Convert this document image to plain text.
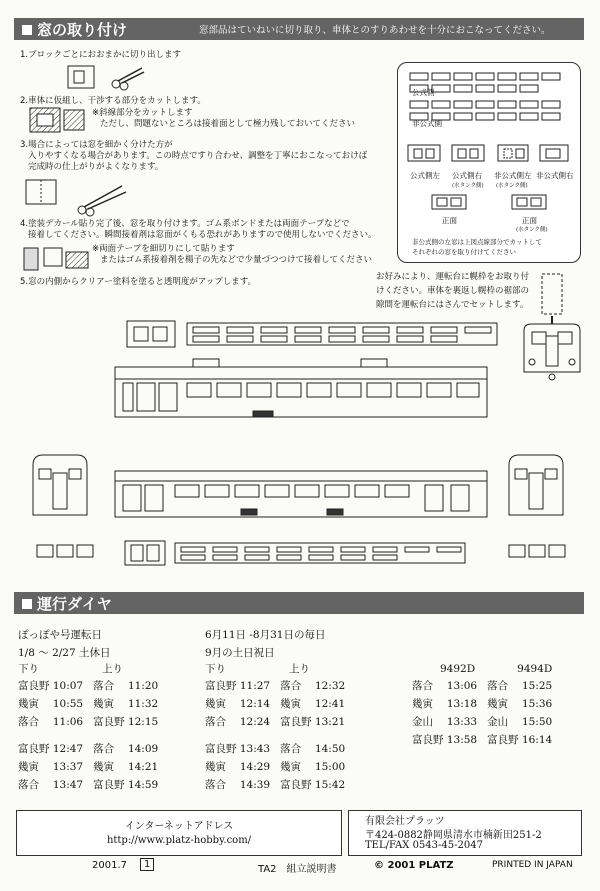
窓の取り付け	窓部品はていねいに切り取り、車体とのすりあわせを十分におこなってください。
1.ブロックごとにおおまかに切り出します
2.車体に仮組し、干渉する部分をカットします。
※斜線部分をカットします
ただし、問題ないところは接着面として極力残しておいてください
3.場合によっては窓を細かく分けた方が
入りやすくなる場合があります。この時点ですり合わせ、調整を丁寧におこなっておけば
完成時の仕上がりがよくなります。
4.塗装デカール貼り完了後、窓を取り付けます。ゴム系ボンドまたは両面テープなどで
接着してください。瞬間接着剤は窓面がくもる恐れがありますので使用しないでください。
※両面テープを細切りにして貼ります
またはゴム系接着剤を楊子の先などで少量づつつけて接着してください
5.窓の内側からクリアー塗料を塗ると透明度がアップします。
公式側
非公式側
公式側左 公式側右
(水タンク側)
非公式側左
(水タンク側)
非公式側右
正面	正面
(水タンク側)
非公式側の左窓は上図点線部分でカットして
それぞれの窓を取り付けてください
お好みにより、運転台に幌枠をお取り付
けください。車体を裏返し幌枠の裾部の
隙間を運転台にはさんでセットします。
運行ダイヤ
ぽっぽや号運転日
1/8 ～ 2/27 土休日
下り　　　　　　上り
富良野 10:07   落合　 11:20
幾寅　 10:55   幾寅　 11:32
落合　 11:06   富良野 12:15
富良野 12:47   落合　 14:09
幾寅　 13:37   幾寅　 14:21
落合　 13:47   富良野 14:59
6月11日 -8月31日の毎日
9月の土日祝日
下り　　　　　　上り
富良野 11:27   落合　 12:32
幾寅　 12:14   幾寅　 12:41
落合　 12:24   富良野 13:21
富良野 13:43   落合　 14:50
幾寅　 14:29   幾寅　 15:00
落合　 14:39   富良野 15:42
9492D　　　　9494D
落合　 13:06   落合　 15:25
幾寅　 13:18   幾寅　 15:36
金山　 13:33   金山　 15:50
富良野 13:58   富良野 16:14
インターネットアドレス
http://www.platz-hobby.com/
有限会社プラッツ
〒424-0882静岡県清水市楠新田251-2
TEL/FAX 0543-45-2047
2001.7	1	TA2　組立説明書	© 2001 PLATZ	PRINTED IN JAPAN
